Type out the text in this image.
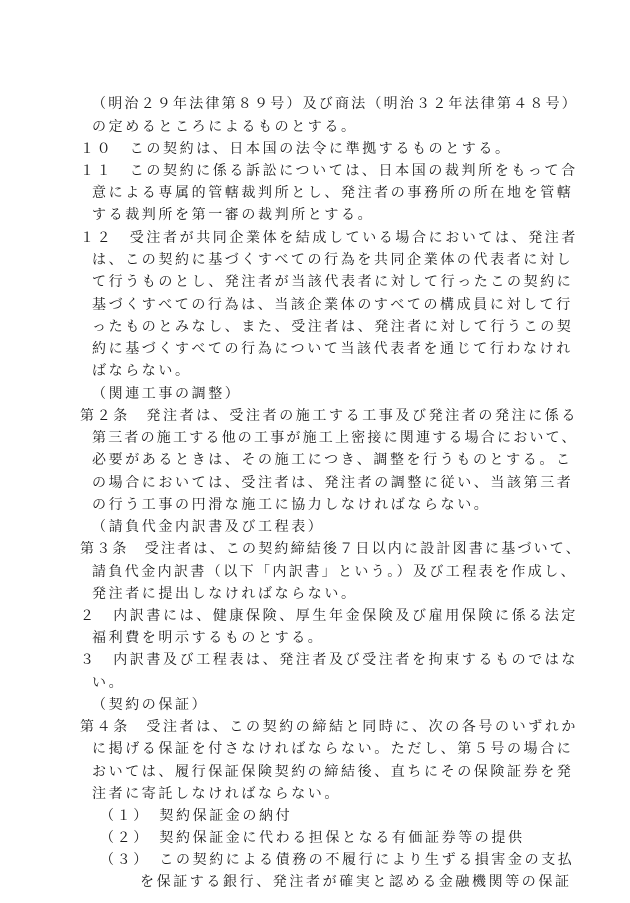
（明治２９年法律第８９号）及び商法（明治３２年法律第４８号）
の定めるところによるものとする。
１０　この契約は、日本国の法令に準拠するものとする。
１１　この契約に係る訴訟については、日本国の裁判所をもって合
意による専属的管轄裁判所とし、発注者の事務所の所在地を管轄
する裁判所を第一審の裁判所とする。
１２　受注者が共同企業体を結成している場合においては、発注者
は、この契約に基づくすべての行為を共同企業体の代表者に対し
て行うものとし、発注者が当該代表者に対して行ったこの契約に
基づくすべての行為は、当該企業体のすべての構成員に対して行
ったものとみなし、また、受注者は、発注者に対して行うこの契
約に基づくすべての行為について当該代表者を通じて行わなけれ
ばならない。
（関連工事の調整）
第２条　発注者は、受注者の施工する工事及び発注者の発注に係る
第三者の施工する他の工事が施工上密接に関連する場合において、
必要があるときは、その施工につき、調整を行うものとする。こ
の場合においては、受注者は、発注者の調整に従い、当該第三者
の行う工事の円滑な施工に協力しなければならない。
（請負代金内訳書及び工程表）
第３条　受注者は、この契約締結後７日以内に設計図書に基づいて、
請負代金内訳書（以下「内訳書」という。）及び工程表を作成し、
発注者に提出しなければならない。
２　内訳書には、健康保険、厚生年金保険及び雇用保険に係る法定
福利費を明示するものとする。
３　内訳書及び工程表は、発注者及び受注者を拘束するものではな
い。
（契約の保証）
第４条　受注者は、この契約の締結と同時に、次の各号のいずれか
に掲げる保証を付さなければならない。ただし、第５号の場合に
おいては、履行保証保険契約の締結後、直ちにその保険証券を発
注者に寄託しなければならない。
（１）　契約保証金の納付
（２）　契約保証金に代わる担保となる有価証券等の提供
（３）　この契約による債務の不履行により生ずる損害金の支払
を保証する銀行、発注者が確実と認める金融機関等の保証
